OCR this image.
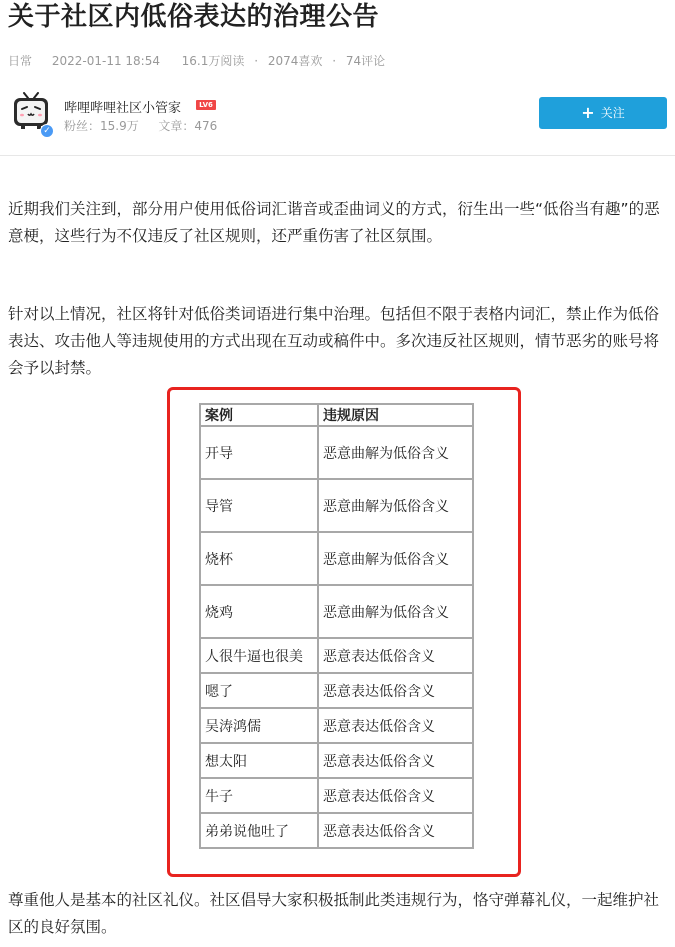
关于社区内低俗表达的治理公告
日常 2022-01-11 18:54 16.1万阅读 · 2074喜欢 · 74评论
✓
哔哩哔哩社区小管家	LV6
粉丝：15.9万 文章：476
+ 关注

近期我们关注到，部分用户使用低俗词汇谐音或歪曲词义的方式，衍生出一些“低俗当有趣”的恶意梗，这些行为不仅违反了社区规则，还严重伤害了社区氛围。

针对以上情况，社区将针对低俗类词语进行集中治理。包括但不限于表格内词汇，禁止作为低俗表达、攻击他人等违规使用的方式出现在互动或稿件中。多次违反社区规则，情节恶劣的账号将会予以封禁。

案例	违规原因
开导	恶意曲解为低俗含义
导管	恶意曲解为低俗含义
烧杯	恶意曲解为低俗含义
烧鸡	恶意曲解为低俗含义
人很牛逼也很美	恶意表达低俗含义
嗯了	恶意表达低俗含义
吴涛鸿儒	恶意表达低俗含义
想太阳	恶意表达低俗含义
牛子	恶意表达低俗含义
弟弟说他吐了	恶意表达低俗含义

尊重他人是基本的社区礼仪。社区倡导大家积极抵制此类违规行为，恪守弹幕礼仪，一起维护社区的良好氛围。
